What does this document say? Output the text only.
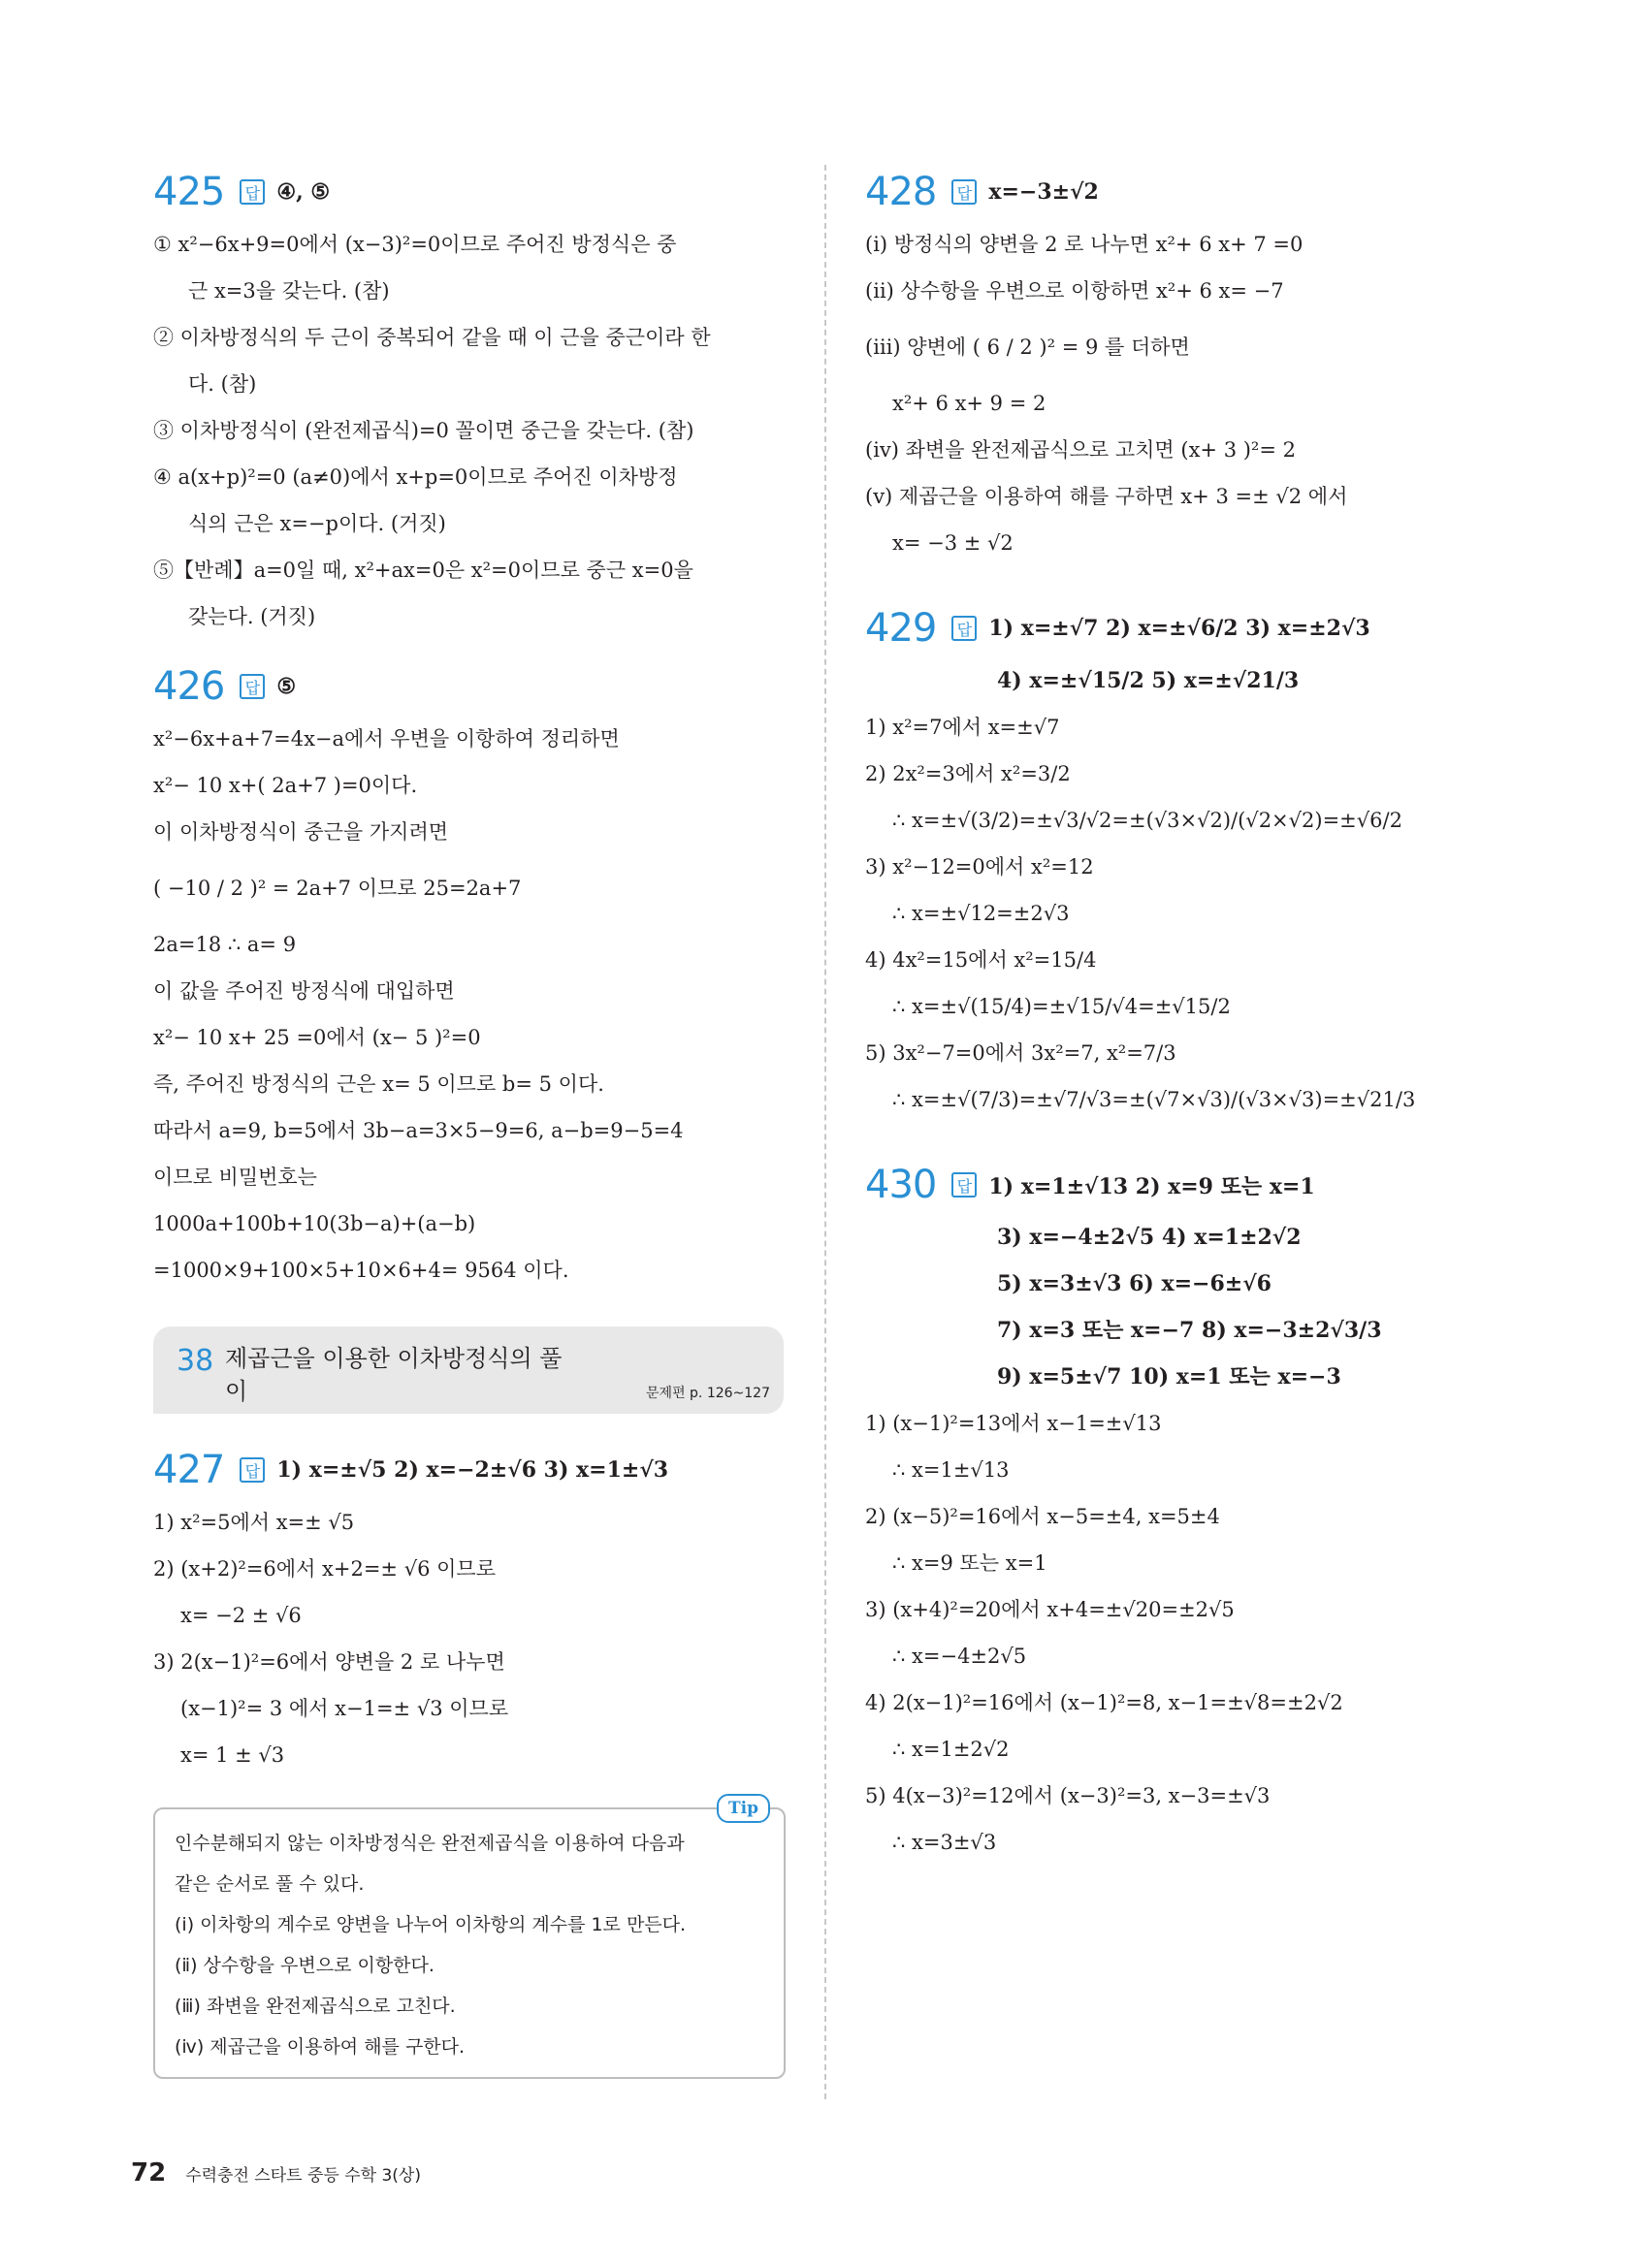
425	답 ④, ⑤
① x²−6x+9=0에서 (x−3)²=0이므로 주어진 방정식은 중
근 x=3을 갖는다. (참)
② 이차방정식의 두 근이 중복되어 같을 때 이 근을 중근이라 한
다. (참)
③ 이차방정식이 (완전제곱식)=0 꼴이면 중근을 갖는다. (참)
④ a(x+p)²=0 (a≠0)에서 x+p=0이므로 주어진 이차방정
식의 근은 x=−p이다. (거짓)
⑤【반례】a=0일 때, x²+ax=0은 x²=0이므로 중근 x=0을
갖는다. (거짓)
426	답 ⑤
x²−6x+a+7=4x−a에서 우변을 이항하여 정리하면
x²− 10 x+( 2a+7 )=0이다.
이 이차방정식이 중근을 가지려면
( −10 / 2 )² = 2a+7 이므로 25=2a+7
2a=18 ∴ a= 9
이 값을 주어진 방정식에 대입하면
x²− 10 x+ 25 =0에서 (x− 5 )²=0
즉, 주어진 방정식의 근은 x= 5 이므로 b= 5 이다.
따라서 a=9, b=5에서 3b−a=3×5−9=6, a−b=9−5=4
이므로 비밀번호는
1000a+100b+10(3b−a)+(a−b)
=1000×9+100×5+10×6+4= 9564 이다.
38 제곱근을 이용한 이차방정식의 풀이	문제편 p. 126~127
427	답 1) x=±√5 2) x=−2±√6 3) x=1±√3
1) x²=5에서 x=± √5
2) (x+2)²=6에서 x+2=± √6 이므로
x= −2 ± √6
3) 2(x−1)²=6에서 양변을 2 로 나누면
(x−1)²= 3 에서 x−1=± √3 이므로
x= 1 ± √3
Tip
인수분해되지 않는 이차방정식은 완전제곱식을 이용하여 다음과
같은 순서로 풀 수 있다.
(ⅰ) 이차항의 계수로 양변을 나누어 이차항의 계수를 1로 만든다.
(ⅱ) 상수항을 우변으로 이항한다.
(ⅲ) 좌변을 완전제곱식으로 고친다.
(ⅳ) 제곱근을 이용하여 해를 구한다.
428	답 x=−3±√2
(ⅰ) 방정식의 양변을 2 로 나누면 x²+ 6 x+ 7 =0
(ⅱ) 상수항을 우변으로 이항하면 x²+ 6 x= −7
(ⅲ) 양변에 ( 6 / 2 )² = 9 를 더하면
x²+ 6 x+ 9 = 2
(ⅳ) 좌변을 완전제곱식으로 고치면 (x+ 3 )²= 2
(ⅴ) 제곱근을 이용하여 해를 구하면 x+ 3 =± √2 에서
x= −3 ± √2
429	답 1) x=±√7 2) x=±√6/2 3) x=±2√3
4) x=±√15/2 5) x=±√21/3
1) x²=7에서 x=±√7
2) 2x²=3에서 x²=3/2
∴ x=±√(3/2)=±√3/√2=±(√3×√2)/(√2×√2)=±√6/2
3) x²−12=0에서 x²=12
∴ x=±√12=±2√3
4) 4x²=15에서 x²=15/4
∴ x=±√(15/4)=±√15/√4=±√15/2
5) 3x²−7=0에서 3x²=7, x²=7/3
∴ x=±√(7/3)=±√7/√3=±(√7×√3)/(√3×√3)=±√21/3
430	답 1) x=1±√13 2) x=9 또는 x=1
3) x=−4±2√5 4) x=1±2√2
5) x=3±√3 6) x=−6±√6
7) x=3 또는 x=−7 8) x=−3±2√3/3
9) x=5±√7 10) x=1 또는 x=−3
1) (x−1)²=13에서 x−1=±√13
∴ x=1±√13
2) (x−5)²=16에서 x−5=±4, x=5±4
∴ x=9 또는 x=1
3) (x+4)²=20에서 x+4=±√20=±2√5
∴ x=−4±2√5
4) 2(x−1)²=16에서 (x−1)²=8, x−1=±√8=±2√2
∴ x=1±2√2
5) 4(x−3)²=12에서 (x−3)²=3, x−3=±√3
∴ x=3±√3
72 수력충전 스타트 중등 수학 3(상)
